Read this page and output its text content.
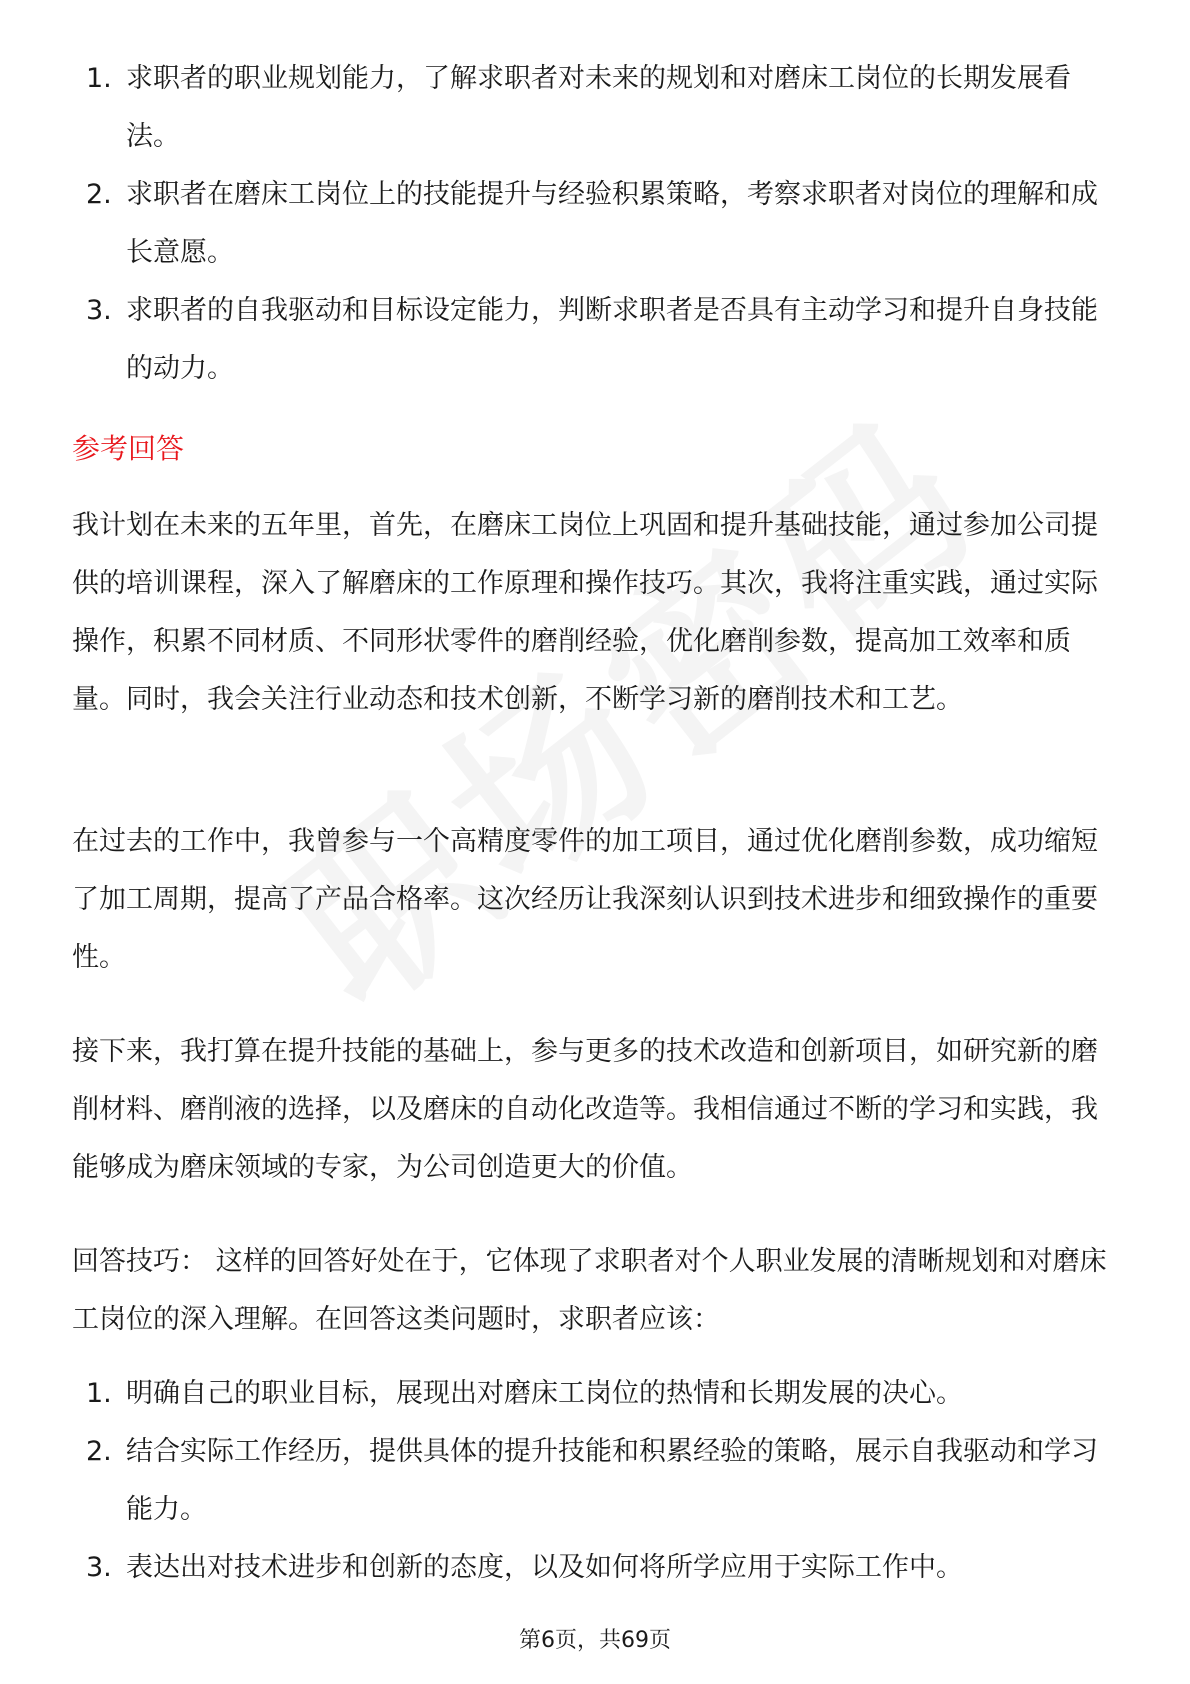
1. 求职者的职业规划能力，了解求职者对未来的规划和对磨床工岗位的长期发展看法。
2. 求职者在磨床工岗位上的技能提升与经验积累策略，考察求职者对岗位的理解和成长意愿。
3. 求职者的自我驱动和目标设定能力，判断求职者是否具有主动学习和提升自身技能的动力。
参考回答

我计划在未来的五年里，首先，在磨床工岗位上巩固和提升基础技能，通过参加公司提供的培训课程，深入了解磨床的工作原理和操作技巧。其次，我将注重实践，通过实际操作，积累不同材质、不同形状零件的磨削经验，优化磨削参数，提高加工效率和质量。同时，我会关注行业动态和技术创新，不断学习新的磨削技术和工艺。

在过去的工作中，我曾参与一个高精度零件的加工项目，通过优化磨削参数，成功缩短了加工周期，提高了产品合格率。这次经历让我深刻认识到技术进步和细致操作的重要性。

接下来，我打算在提升技能的基础上，参与更多的技术改造和创新项目，如研究新的磨削材料、磨削液的选择，以及磨床的自动化改造等。我相信通过不断的学习和实践，我能够成为磨床领域的专家，为公司创造更大的价值。

回答技巧： 这样的回答好处在于，它体现了求职者对个人职业发展的清晰规划和对磨床工岗位的深入理解。在回答这类问题时，求职者应该：

1. 明确自己的职业目标，展现出对磨床工岗位的热情和长期发展的决心。
2. 结合实际工作经历，提供具体的提升技能和积累经验的策略，展示自我驱动和学习能力。
3. 表达出对技术进步和创新的态度，以及如何将所学应用于实际工作中。
第6页，共69页
